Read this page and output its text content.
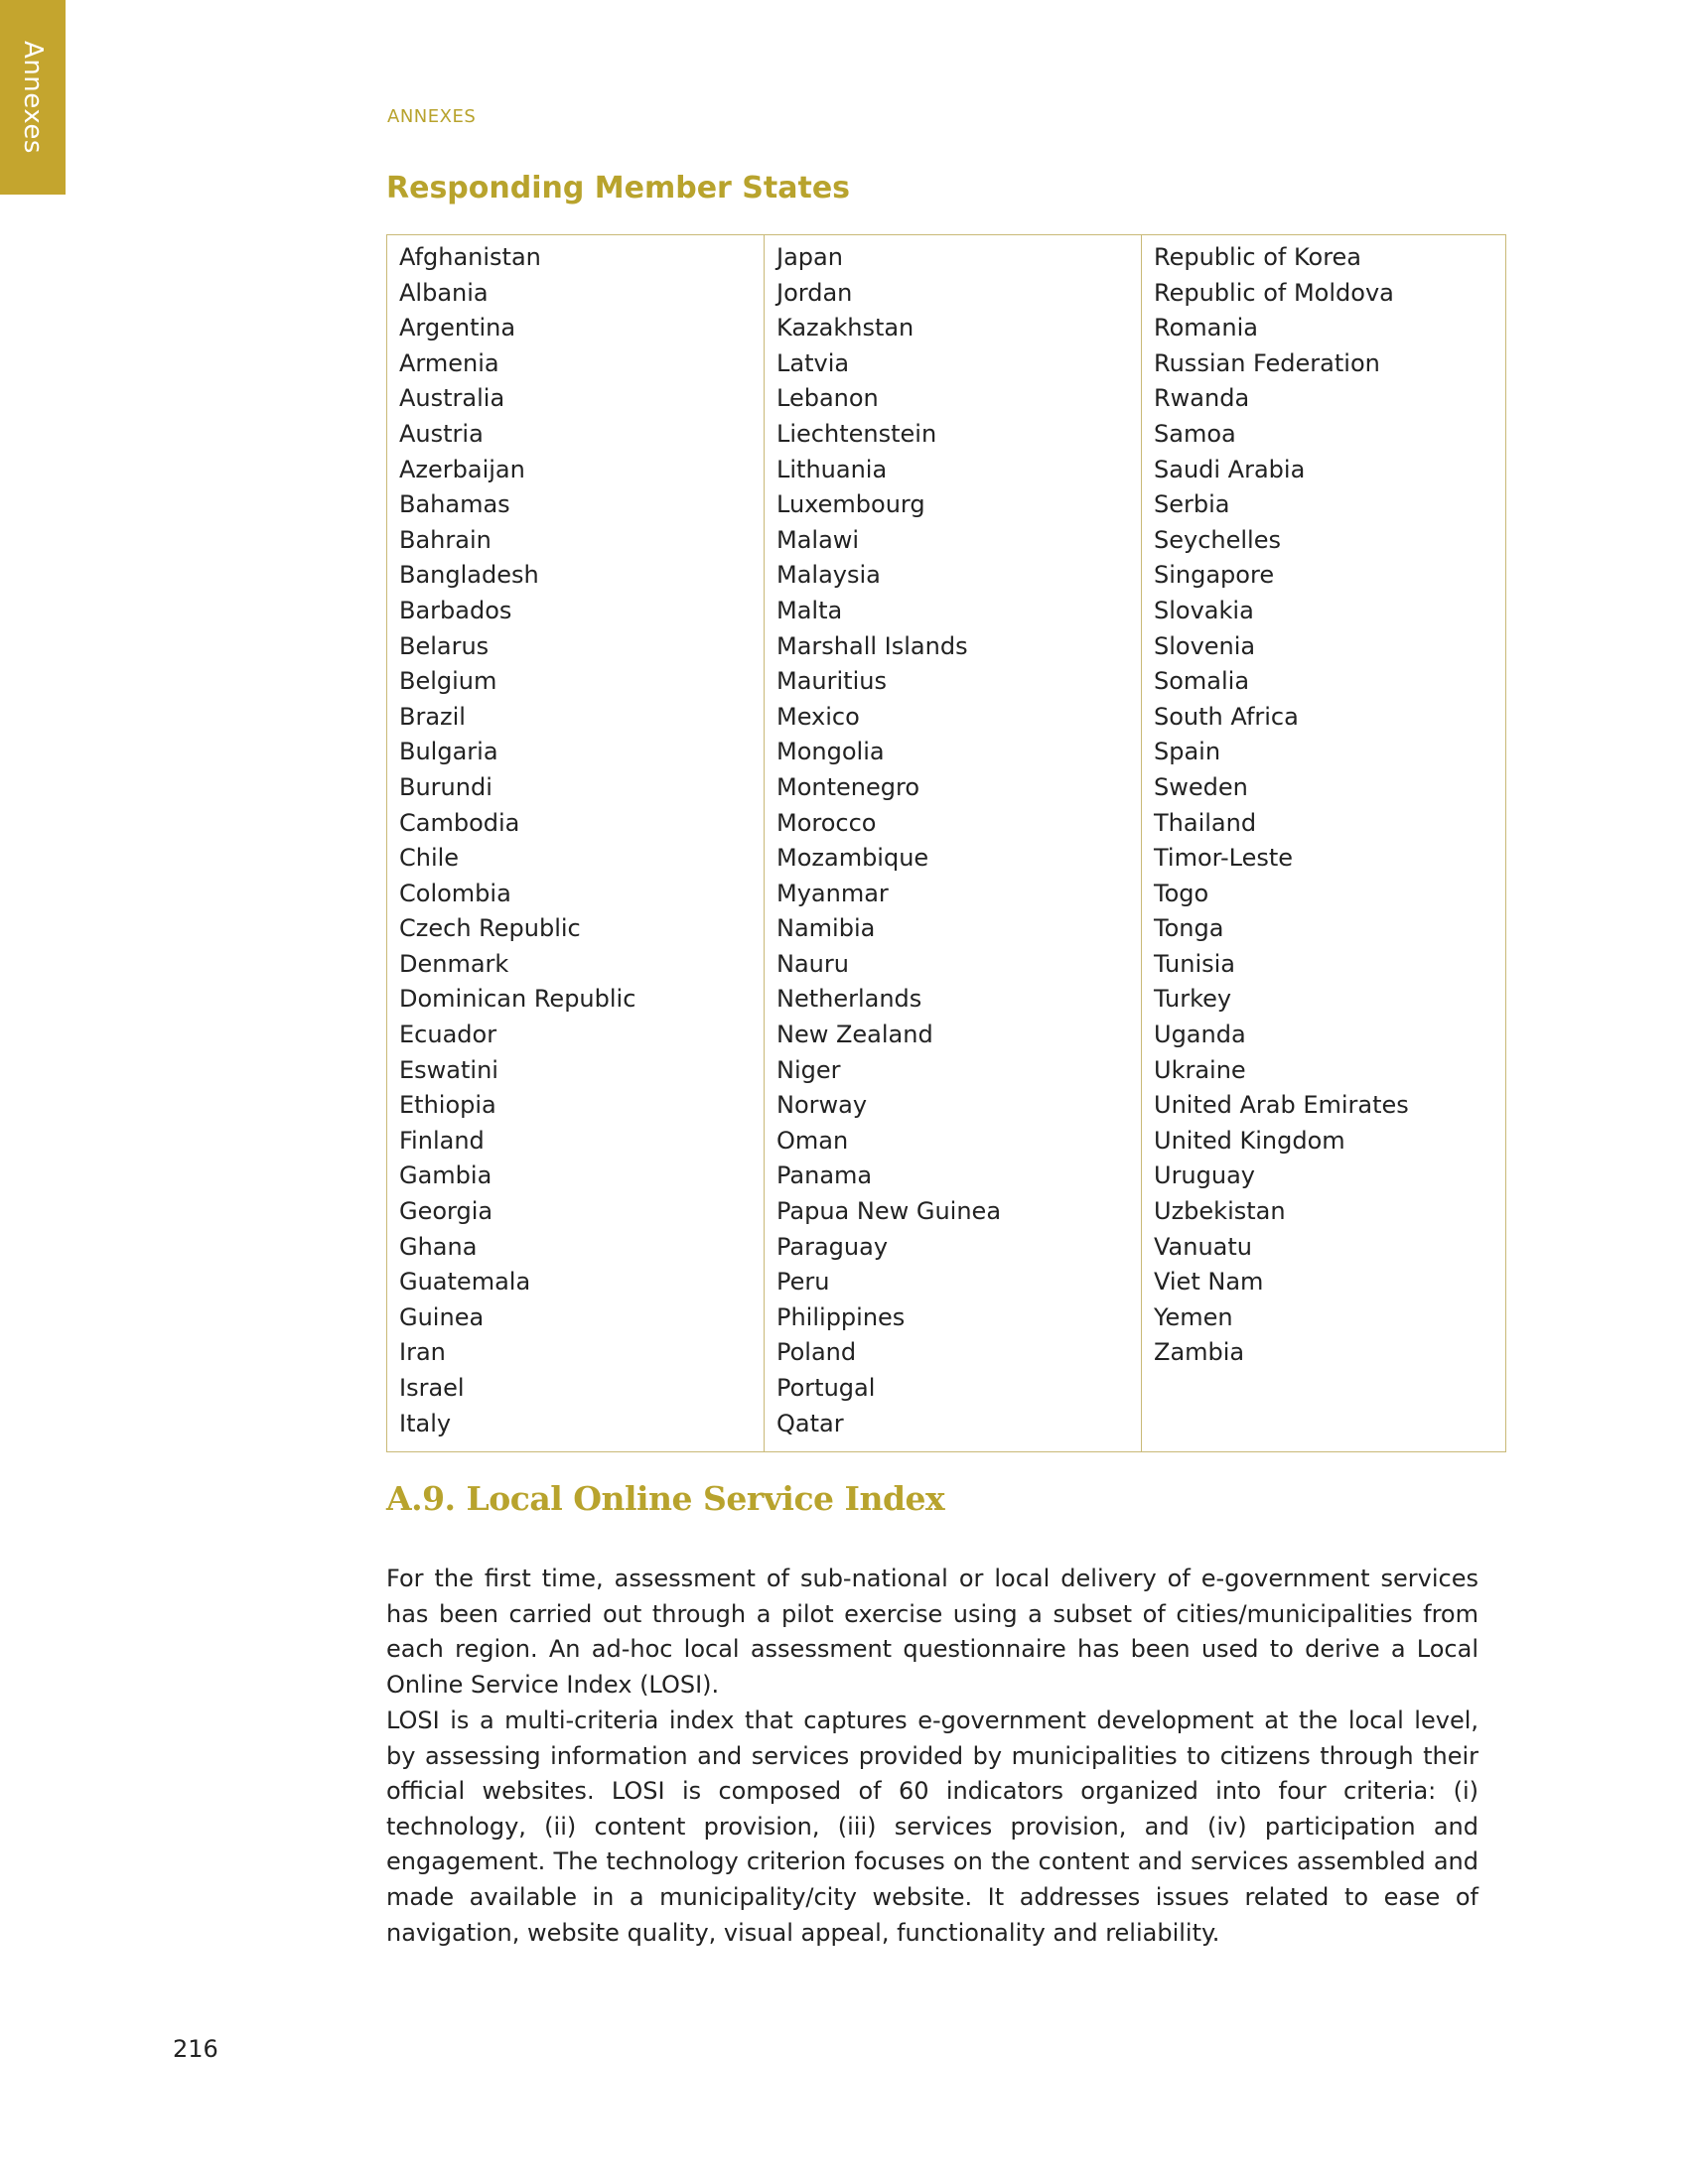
Annexes	ANNEXES
Responding Member States
Afghanistan
Albania
Argentina
Armenia
Australia
Austria
Azerbaijan
Bahamas
Bahrain
Bangladesh
Barbados
Belarus
Belgium
Brazil
Bulgaria
Burundi
Cambodia
Chile
Colombia
Czech Republic
Denmark
Dominican Republic
Ecuador
Eswatini
Ethiopia
Finland
Gambia
Georgia
Ghana
Guatemala
Guinea
Iran
Israel
Italy

Japan
Jordan
Kazakhstan
Latvia
Lebanon
Liechtenstein
Lithuania
Luxembourg
Malawi
Malaysia
Malta
Marshall Islands
Mauritius
Mexico
Mongolia
Montenegro
Morocco
Mozambique
Myanmar
Namibia
Nauru
Netherlands
New Zealand
Niger
Norway
Oman
Panama
Papua New Guinea
Paraguay
Peru
Philippines
Poland
Portugal
Qatar

Republic of Korea
Republic of Moldova
Romania
Russian Federation
Rwanda
Samoa
Saudi Arabia
Serbia
Seychelles
Singapore
Slovakia
Slovenia
Somalia
South Africa
Spain
Sweden
Thailand
Timor-Leste
Togo
Tonga
Tunisia
Turkey
Uganda
Ukraine
United Arab Emirates
United Kingdom
Uruguay
Uzbekistan
Vanuatu
Viet Nam
Yemen
Zambia
A.9. Local Online Service Index

For the first time, assessment of sub-national or local delivery of e-government services has been carried out through a pilot exercise using a subset of cities/municipalities from each region. An ad-hoc local assessment questionnaire has been used to derive a Local Online Service Index (LOSI).

LOSI is a multi-criteria index that captures e-government development at the local level, by assessing information and services provided by municipalities to citizens through their official websites. LOSI is composed of 60 indicators organized into four criteria: (i) technology, (ii) content provision, (iii) services provision, and (iv) participation and engagement. The technology criterion focuses on the content and services assembled and made available in a municipality/city website. It addresses issues related to ease of navigation, website quality, visual appeal, functionality and reliability.

216
